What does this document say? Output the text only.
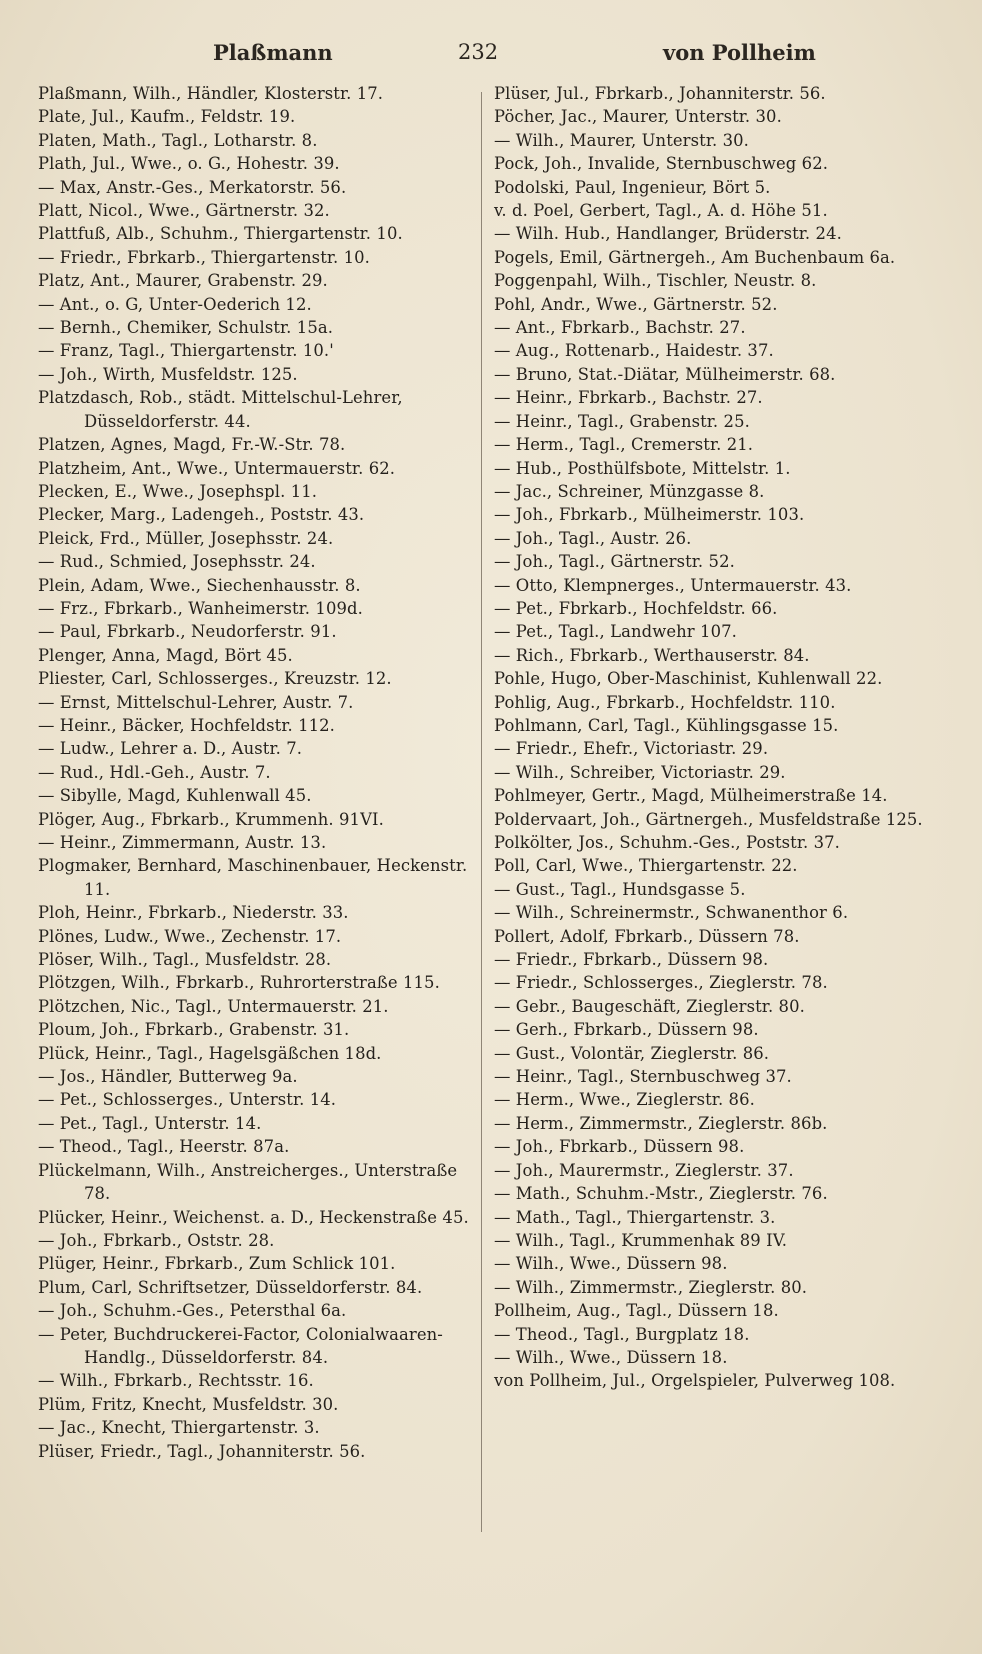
Plaßmann	232	von Pollheim
Plaßmann, Wilh., Händler, Klosterstr. 17.
Plate, Jul., Kaufm., Feldstr. 19.
Platen, Math., Tagl., Lotharstr. 8.
Plath, Jul., Wwe., o. G., Hohestr. 39.
— Max, Anstr.-Ges., Merkatorstr. 56.
Platt, Nicol., Wwe., Gärtnerstr. 32.
Plattfuß, Alb., Schuhm., Thiergartenstr. 10.
— Friedr., Fbrkarb., Thiergartenstr. 10.
Platz, Ant., Maurer, Grabenstr. 29.
— Ant., o. G, Unter-Oederich 12.
— Bernh., Chemiker, Schulstr. 15a.
— Franz, Tagl., Thiergartenstr. 10.'
— Joh., Wirth, Musfeldstr. 125.
Platzdasch, Rob., städt. Mittelschul-Lehrer, Düsseldorferstr. 44.
Platzen, Agnes, Magd, Fr.-W.-Str. 78.
Platzheim, Ant., Wwe., Untermauerstr. 62.
Plecken, E., Wwe., Josephspl. 11.
Plecker, Marg., Ladengeh., Poststr. 43.
Pleick, Frd., Müller, Josephsstr. 24.
— Rud., Schmied, Josephsstr. 24.
Plein, Adam, Wwe., Siechenhausstr. 8.
— Frz., Fbrkarb., Wanheimerstr. 109d.
— Paul, Fbrkarb., Neudorferstr. 91.
Plenger, Anna, Magd, Bört 45.
Pliester, Carl, Schlosserges., Kreuzstr. 12.
— Ernst, Mittelschul-Lehrer, Austr. 7.
— Heinr., Bäcker, Hochfeldstr. 112.
— Ludw., Lehrer a. D., Austr. 7.
— Rud., Hdl.-Geh., Austr. 7.
— Sibylle, Magd, Kuhlenwall 45.
Plöger, Aug., Fbrkarb., Krummenh. 91VI.
— Heinr., Zimmermann, Austr. 13.
Plogmaker, Bernhard, Maschinenbauer, Heckenstr. 11.
Ploh, Heinr., Fbrkarb., Niederstr. 33.
Plönes, Ludw., Wwe., Zechenstr. 17.
Plöser, Wilh., Tagl., Musfeldstr. 28.
Plötzgen, Wilh., Fbrkarb., Ruhrorterstraße 115.
Plötzchen, Nic., Tagl., Untermauerstr. 21.
Ploum, Joh., Fbrkarb., Grabenstr. 31.
Plück, Heinr., Tagl., Hagelsgäßchen 18d.
— Jos., Händler, Butterweg 9a.
— Pet., Schlosserges., Unterstr. 14.
— Pet., Tagl., Unterstr. 14.
— Theod., Tagl., Heerstr. 87a.
Plückelmann, Wilh., Anstreicherges., Unterstraße 78.
Plücker, Heinr., Weichenst. a. D., Heckenstraße 45.
— Joh., Fbrkarb., Oststr. 28.
Plüger, Heinr., Fbrkarb., Zum Schlick 101.
Plum, Carl, Schriftsetzer, Düsseldorferstr. 84.
— Joh., Schuhm.-Ges., Petersthal 6a.
— Peter, Buchdruckerei-Factor, Colonialwaaren-Handlg., Düsseldorferstr. 84.
— Wilh., Fbrkarb., Rechtsstr. 16.
Plüm, Fritz, Knecht, Musfeldstr. 30.
— Jac., Knecht, Thiergartenstr. 3.
Plüser, Friedr., Tagl., Johanniterstr. 56.
Plüser, Jul., Fbrkarb., Johanniterstr. 56.
Pöcher, Jac., Maurer, Unterstr. 30.
— Wilh., Maurer, Unterstr. 30.
Pock, Joh., Invalide, Sternbuschweg 62.
Podolski, Paul, Ingenieur, Bört 5.
v. d. Poel, Gerbert, Tagl., A. d. Höhe 51.
— Wilh. Hub., Handlanger, Brüderstr. 24.
Pogels, Emil, Gärtnergeh., Am Buchenbaum 6a.
Poggenpahl, Wilh., Tischler, Neustr. 8.
Pohl, Andr., Wwe., Gärtnerstr. 52.
— Ant., Fbrkarb., Bachstr. 27.
— Aug., Rottenarb., Haidestr. 37.
— Bruno, Stat.-Diätar, Mülheimerstr. 68.
— Heinr., Fbrkarb., Bachstr. 27.
— Heinr., Tagl., Grabenstr. 25.
— Herm., Tagl., Cremerstr. 21.
— Hub., Posthülfsbote, Mittelstr. 1.
— Jac., Schreiner, Münzgasse 8.
— Joh., Fbrkarb., Mülheimerstr. 103.
— Joh., Tagl., Austr. 26.
— Joh., Tagl., Gärtnerstr. 52.
— Otto, Klempnerges., Untermauerstr. 43.
— Pet., Fbrkarb., Hochfeldstr. 66.
— Pet., Tagl., Landwehr 107.
— Rich., Fbrkarb., Werthauserstr. 84.
Pohle, Hugo, Ober-Maschinist, Kuhlenwall 22.
Pohlig, Aug., Fbrkarb., Hochfeldstr. 110.
Pohlmann, Carl, Tagl., Kühlingsgasse 15.
— Friedr., Ehefr., Victoriastr. 29.
— Wilh., Schreiber, Victoriastr. 29.
Pohlmeyer, Gertr., Magd, Mülheimerstraße 14.
Poldervaart, Joh., Gärtnergeh., Musfeldstraße 125.
Polkölter, Jos., Schuhm.-Ges., Poststr. 37.
Poll, Carl, Wwe., Thiergartenstr. 22.
— Gust., Tagl., Hundsgasse 5.
— Wilh., Schreinermstr., Schwanenthor 6.
Pollert, Adolf, Fbrkarb., Düssern 78.
— Friedr., Fbrkarb., Düssern 98.
— Friedr., Schlosserges., Zieglerstr. 78.
— Gebr., Baugeschäft, Zieglerstr. 80.
— Gerh., Fbrkarb., Düssern 98.
— Gust., Volontär, Zieglerstr. 86.
— Heinr., Tagl., Sternbuschweg 37.
— Herm., Wwe., Zieglerstr. 86.
— Herm., Zimmermstr., Zieglerstr. 86b.
— Joh., Fbrkarb., Düssern 98.
— Joh., Maurermstr., Zieglerstr. 37.
— Math., Schuhm.-Mstr., Zieglerstr. 76.
— Math., Tagl., Thiergartenstr. 3.
— Wilh., Tagl., Krummenhak 89 IV.
— Wilh., Wwe., Düssern 98.
— Wilh., Zimmermstr., Zieglerstr. 80.
Pollheim, Aug., Tagl., Düssern 18.
— Theod., Tagl., Burgplatz 18.
— Wilh., Wwe., Düssern 18.
von Pollheim, Jul., Orgelspieler, Pulverweg 108.
